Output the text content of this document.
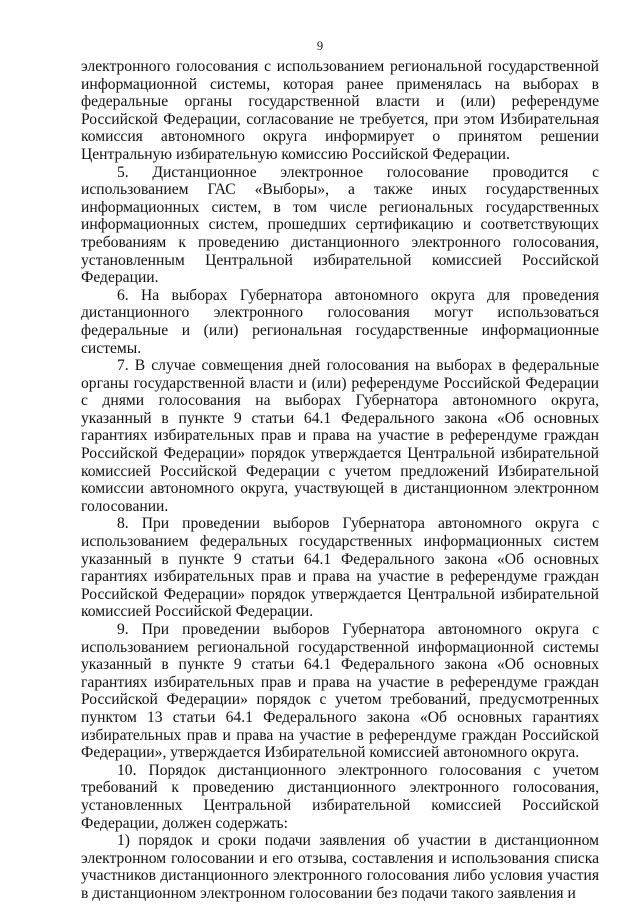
9

электронного голосования с использованием региональной государственной информационной системы, которая ранее применялась на выборах в федеральные органы государственной власти и (или) референдуме Российской Федерации, согласование не требуется, при этом Избирательная комиссия автономного округа информирует о принятом решении Центральную избирательную комиссию Российской Федерации.

5. Дистанционное электронное голосование проводится с использованием ГАС «Выборы», а также иных государственных информационных систем, в том числе региональных государственных информационных систем, прошедших сертификацию и соответствующих требованиям к проведению дистанционного электронного голосования, установленным Центральной избирательной комиссией Российской Федерации.

6. На выборах Губернатора автономного округа для проведения дистанционного электронного голосования могут использоваться федеральные и (или) региональная государственные информационные системы.

7. В случае совмещения дней голосования на выборах в федеральные органы государственной власти и (или) референдуме Российской Федерации с днями голосования на выборах Губернатора автономного округа, указанный в пункте 9 статьи 64.1 Федерального закона «Об основных гарантиях избирательных прав и права на участие в референдуме граждан Российской Федерации» порядок утверждается Центральной избирательной комиссией Российской Федерации с учетом предложений Избирательной комиссии автономного округа, участвующей в дистанционном электронном голосовании.

8. При проведении выборов Губернатора автономного округа с использованием федеральных государственных информационных систем указанный в пункте 9 статьи 64.1 Федерального закона «Об основных гарантиях избирательных прав и права на участие в референдуме граждан Российской Федерации» порядок утверждается Центральной избирательной комиссией Российской Федерации.

9. При проведении выборов Губернатора автономного округа с использованием региональной государственной информационной системы указанный в пункте 9 статьи 64.1 Федерального закона «Об основных гарантиях избирательных прав и права на участие в референдуме граждан Российской Федерации» порядок с учетом требований, предусмотренных пунктом 13 статьи 64.1 Федерального закона «Об основных гарантиях избирательных прав и права на участие в референдуме граждан Российской Федерации», утверждается Избирательной комиссией автономного округа.

10. Порядок дистанционного электронного голосования с учетом требований к проведению дистанционного электронного голосования, установленных Центральной избирательной комиссией Российской Федерации, должен содержать:

1) порядок и сроки подачи заявления об участии в дистанционном электронном голосовании и его отзыва, составления и использования списка участников дистанционного электронного голосования либо условия участия в дистанционном электронном голосовании без подачи такого заявления и
